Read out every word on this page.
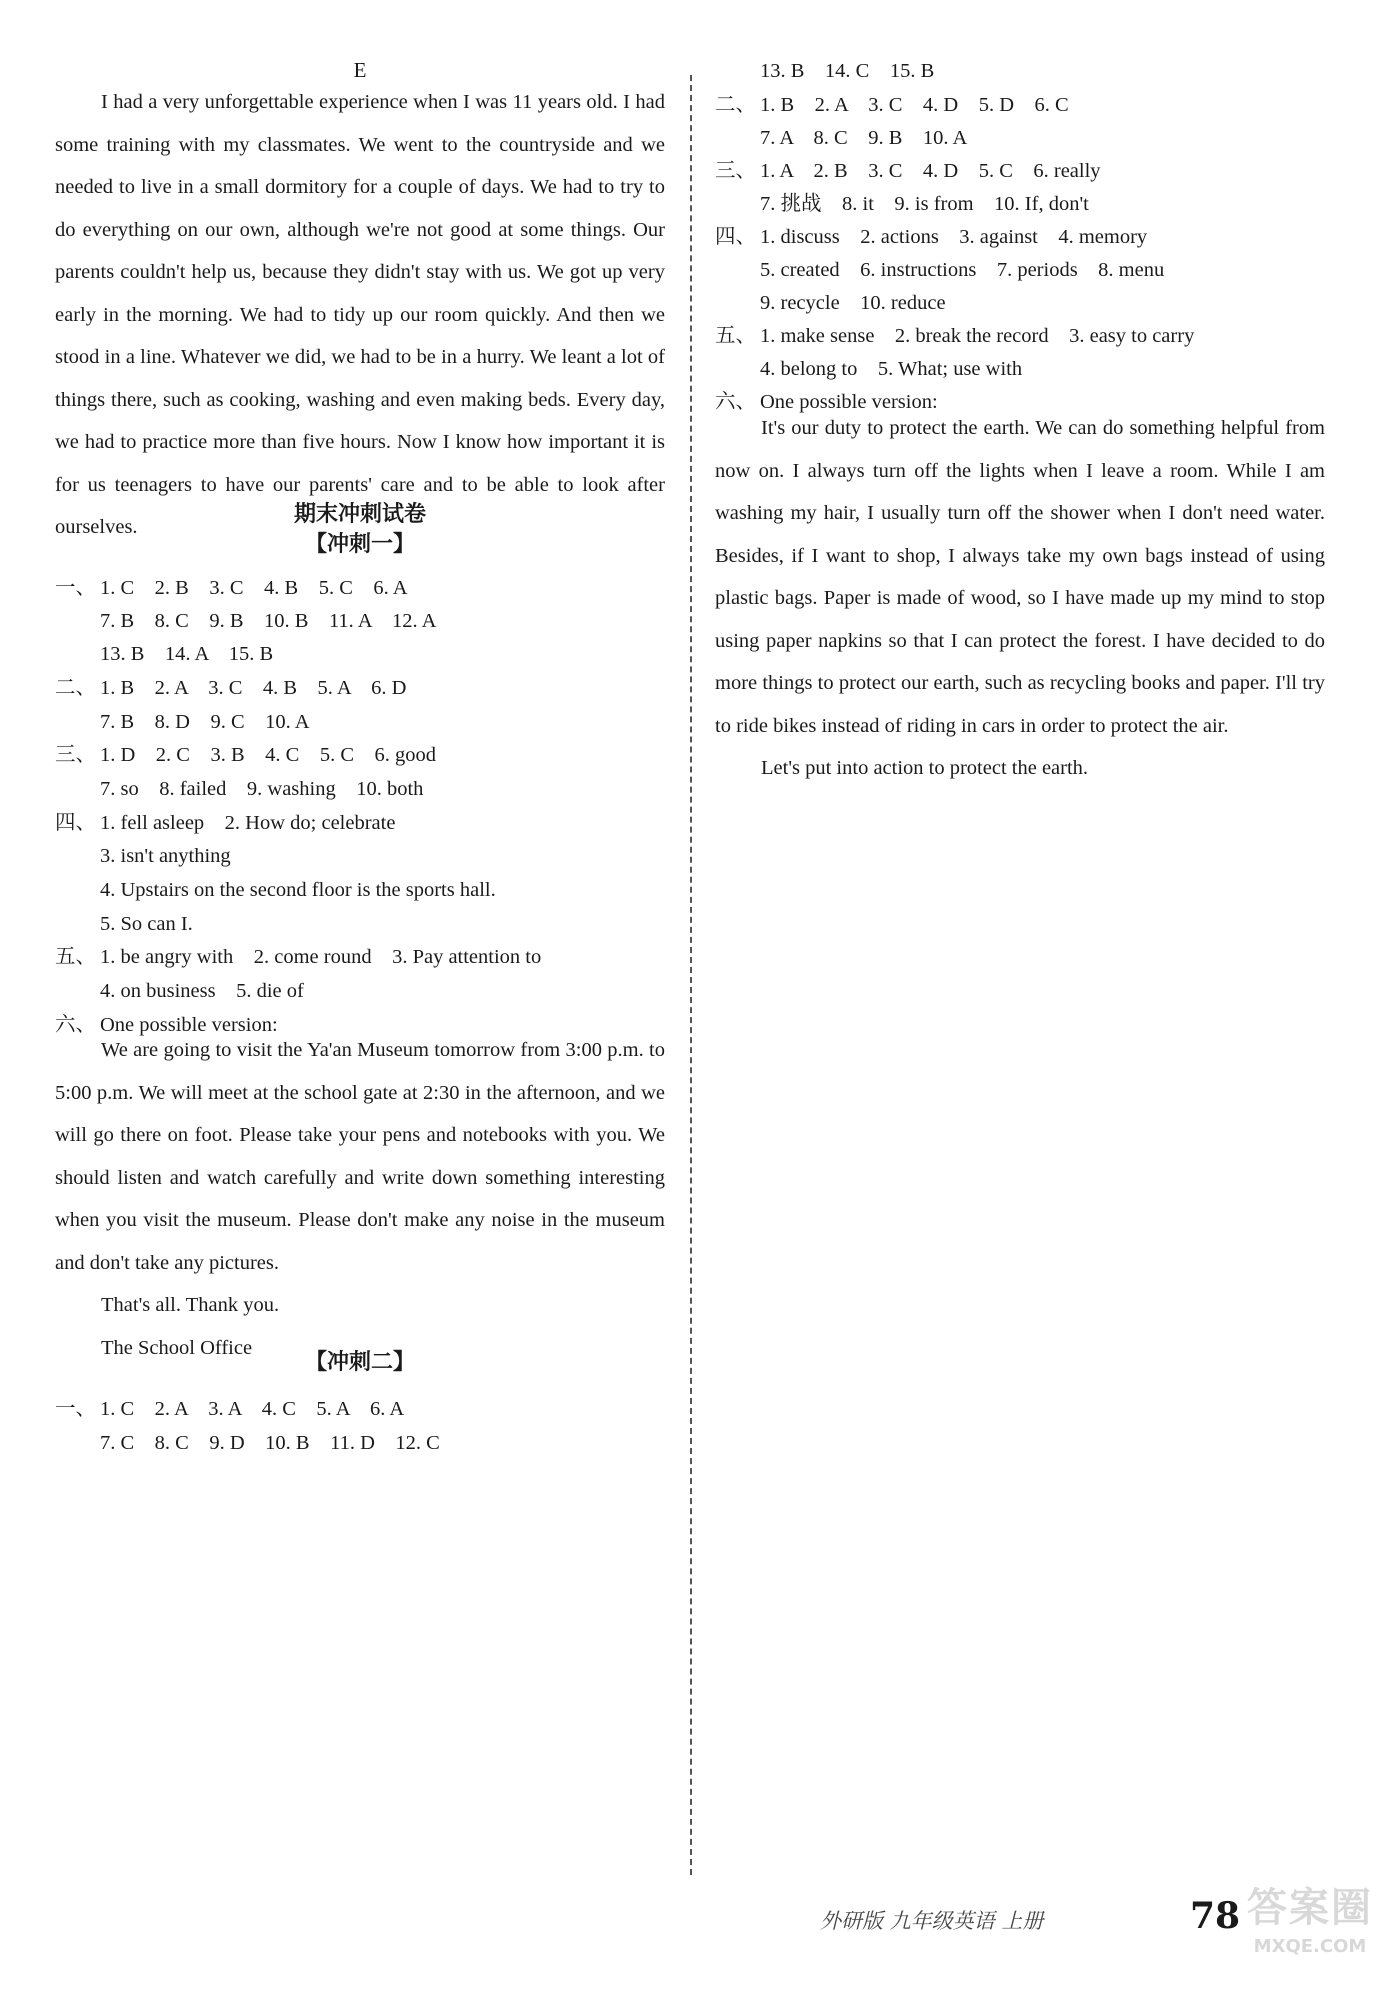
E

I had a very unforgettable experience when I was 11 years old. I had some training with my classmates. We went to the countryside and we needed to live in a small dormitory for a couple of days. We had to try to do everything on our own, although we're not good at some things. Our parents couldn't help us, because they didn't stay with us. We got up very early in the morning. We had to tidy up our room quickly. And then we stood in a line. Whatever we did, we had to be in a hurry. We leant a lot of things there, such as cooking, washing and even making beds. Every day, we had to practice more than five hours. Now I know how important it is for us teenagers to have our parents' care and to be able to look after ourselves.	期末冲刺试卷
【冲刺一】
一、 1. C    2. B    3. C    4. B    5. C    6. A
7. B    8. C    9. B    10. B    11. A    12. A
13. B    14. A    15. B
二、 1. B    2. A    3. C    4. B    5. A    6. D
7. B    8. D    9. C    10. A
三、 1. D    2. C    3. B    4. C    5. C    6. good
7. so    8. failed    9. washing    10. both
四、 1. fell asleep    2. How do; celebrate
3. isn't anything
4. Upstairs on the second floor is the sports hall.
5. So can I.
五、 1. be angry with    2. come round    3. Pay attention to
4. on business    5. die of
六、 One possible version:

We are going to visit the Ya'an Museum tomorrow from 3:00 p.m. to 5:00 p.m. We will meet at the school gate at 2:30 in the afternoon, and we will go there on foot. Please take your pens and notebooks with you. We should listen and watch carefully and write down something interesting when you visit the museum. Please don't make any noise in the museum and don't take any pictures.

That's all. Thank you.

The School Office

【冲刺二】
一、 1. C    2. A    3. A    4. C    5. A    6. A
7. C    8. C    9. D    10. B    11. D    12. C
13. B    14. C    15. B
二、 1. B    2. A    3. C    4. D    5. D    6. C
7. A    8. C    9. B    10. A
三、 1. A    2. B    3. C    4. D    5. C    6. really
7. 挑战    8. it    9. is from    10. If, don't
四、 1. discuss    2. actions    3. against    4. memory
5. created    6. instructions    7. periods    8. menu
9. recycle    10. reduce
五、 1. make sense    2. break the record    3. easy to carry
4. belong to    5. What; use with
六、 One possible version:

It's our duty to protect the earth. We can do something helpful from now on. I always turn off the lights when I leave a room. While I am washing my hair, I usually turn off the shower when I don't need water. Besides, if I want to shop, I always take my own bags instead of using plastic bags. Paper is made of wood, so I have made up my mind to stop using paper napkins so that I can protect the forest. I have decided to do more things to protect our earth, such as recycling books and paper. I'll try to ride bikes instead of riding in cars in order to protect the air.

Let's put into action to protect the earth.

外研版 九年级英语 上册	78 答案圈
MXQE.COM
